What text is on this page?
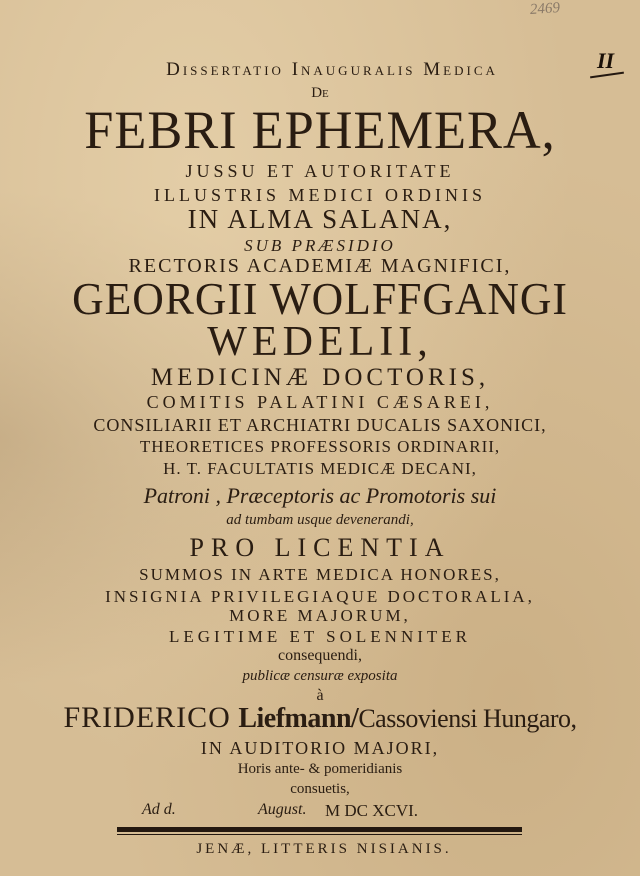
2469
II
Dissertatio Inauguralis Medica
De
FEBRI EPHEMERA,
JUSSU ET AUTORITATE
ILLUSTRIS MEDICI ORDINIS
IN ALMA SALANA,
SUB PRÆSIDIO
RECTORIS ACADEMIÆ MAGNIFICI,
GEORGII WOLFFGANGI
WEDELII,
MEDICINÆ DOCTORIS,
COMITIS PALATINI CÆSAREI,
CONSILIARII ET ARCHIATRI DUCALIS SAXONICI,
THEORETICES PROFESSORIS ORDINARII,
H. T. FACULTATIS MEDICÆ DECANI,
Patroni , Præceptoris ac Promotoris sui
ad tumbam usque devenerandi,
PRO LICENTIA
SUMMOS IN ARTE MEDICA HONORES,
INSIGNIA PRIVILEGIAQUE DOCTORALIA,
MORE MAJORUM,
LEGITIME ET SOLENNITER
consequendi,
publicæ censuræ exposita
à
FRIDERICO Liefmann/Cassoviensi Hungaro,
IN AUDITORIO MAJORI,
Horis ante- & pomeridianis
consuetis,
Ad d.	August. M DC XCVI.
JENÆ, LITTERIS NISIANIS.
